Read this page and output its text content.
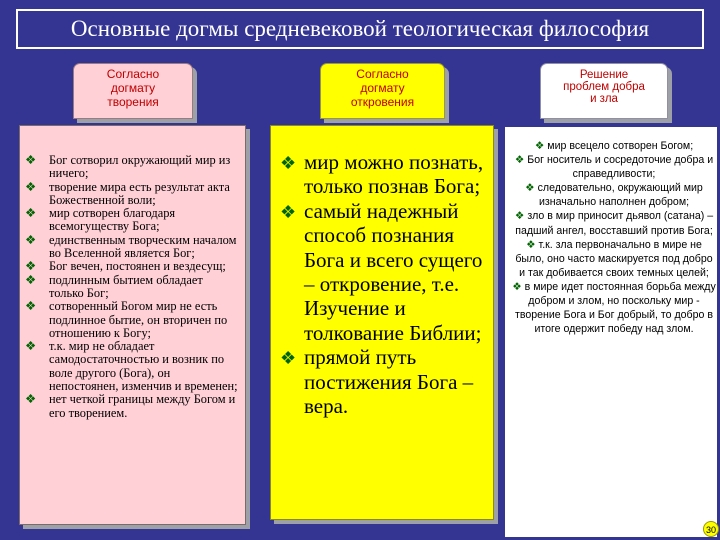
Основные догмы средневековой теологическая философия
Согласно
догмату
творения
Согласно
догмату
откровения
Решение
проблем добра
и зла
❖ Бог сотворил окружающий мир из ничего;
❖ творение мира есть результат акта Божественной воли;
❖ мир сотворен благодаря всемогуществу Бога;
❖ единственным творческим началом во Вселенной является Бог;
❖ Бог вечен, постоянен и вездесущ;
❖ подлинным бытием обладает только Бог;
❖ сотворенный Богом мир не есть подлинное бытие, он вторичен по отношению к Богу;
❖ т.к. мир не обладает самодостаточностью и возник по воле другого (Бога), он непостоянен, изменчив и временен;
❖ нет четкой границы между Богом и его творением.
❖ мир можно познать, только познав Бога;
❖ самый надежный способ познания Бога и всего сущего – откровение, т.е. Изучение и толкование Библии;
❖ прямой путь постижения Бога – вера.
❖ мир всецело сотворен Богом;
❖ Бог носитель и сосредоточие добра и справедливости;
❖ следовательно, окружающий мир изначально наполнен добром;
❖ зло в мир приносит дьявол (сатана) – падший ангел, восставший против Бога;
❖ т.к. зла первоначально в мире не было, оно часто маскируется под добро и так добивается своих темных целей;
❖ в мире идет постоянная борьба между добром и злом, но поскольку мир - творение Бога и Бог добрый, то добро в итоге одержит победу над злом.
30
